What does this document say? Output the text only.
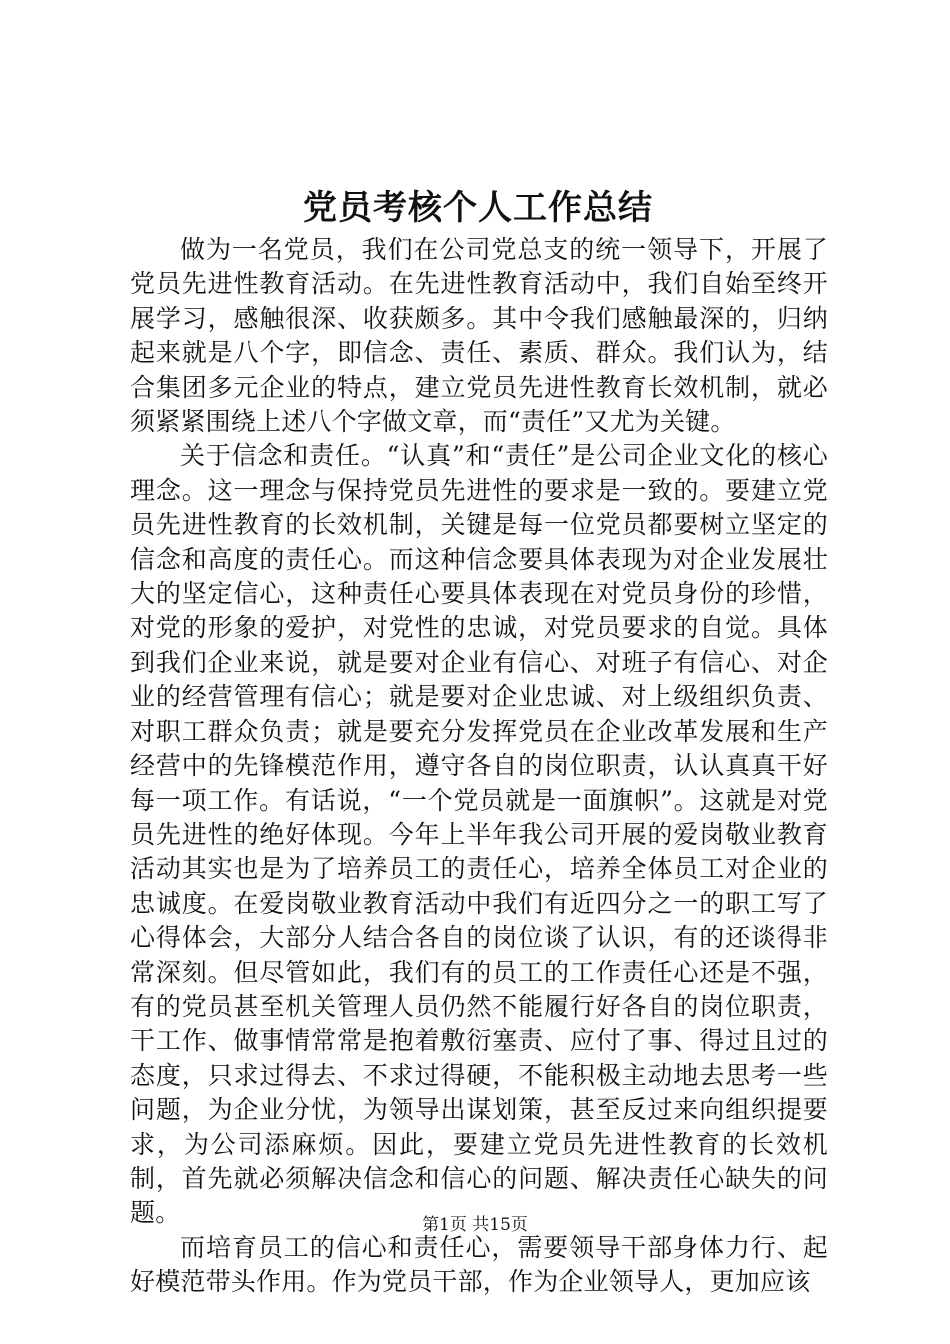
党员考核个人工作总结

做为一名党员，我们在公司党总支的统一领导下，开展了党员先进性教育活动。在先进性教育活动中，我们自始至终开展学习，感触很深、收获颇多。其中令我们感触最深的，归纳起来就是八个字，即信念、责任、素质、群众。我们认为，结合集团多元企业的特点，建立党员先进性教育长效机制，就必须紧紧围绕上述八个字做文章，而“责任”又尤为关键。

关于信念和责任。“认真”和“责任”是公司企业文化的核心理念。这一理念与保持党员先进性的要求是一致的。要建立党员先进性教育的长效机制，关键是每一位党员都要树立坚定的信念和高度的责任心。而这种信念要具体表现为对企业发展壮大的坚定信心，这种责任心要具体表现在对党员身份的珍惜，对党的形象的爱护，对党性的忠诚，对党员要求的自觉。具体到我们企业来说，就是要对企业有信心、对班子有信心、对企业的经营管理有信心；就是要对企业忠诚、对上级组织负责、对职工群众负责；就是要充分发挥党员在企业改革发展和生产经营中的先锋模范作用，遵守各自的岗位职责，认认真真干好每一项工作。有话说，“一个党员就是一面旗帜”。这就是对党员先进性的绝好体现。今年上半年我公司开展的爱岗敬业教育活动其实也是为了培养员工的责任心，培养全体员工对企业的忠诚度。在爱岗敬业教育活动中我们有近四分之一的职工写了心得体会，大部分人结合各自的岗位谈了认识，有的还谈得非常深刻。但尽管如此，我们有的员工的工作责任心还是不强，有的党员甚至机关管理人员仍然不能履行好各自的岗位职责，干工作、做事情常常是抱着敷衍塞责、应付了事、得过且过的态度，只求过得去、不求过得硬，不能积极主动地去思考一些问题，为企业分忧，为领导出谋划策，甚至反过来向组织提要求，为公司添麻烦。因此，要建立党员先进性教育的长效机制，首先就必须解决信念和信心的问题、解决责任心缺失的问题。

而培育员工的信心和责任心，需要领导干部身体力行、起好模范带头作用。作为党员干部，作为企业领导人，更加应该

第1页 共15页
